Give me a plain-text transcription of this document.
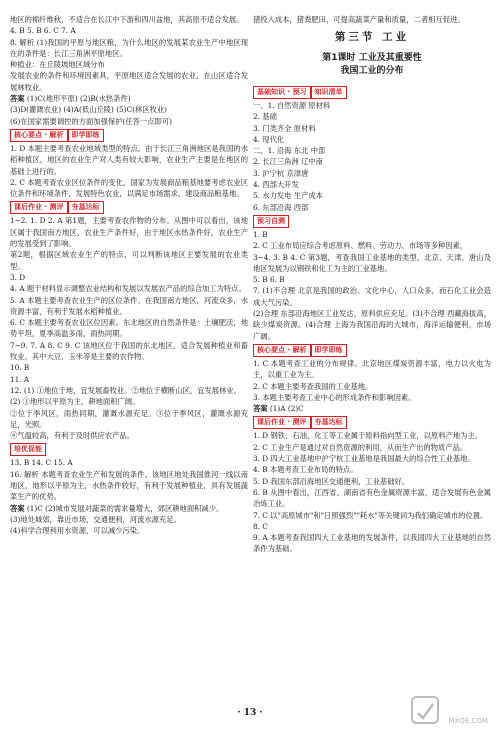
地区的棉纤维秋，不适合在长江中下游和四川盆地，其高原不适合发展。

4. B 5. B 6. C 7. A

8. 解析 (1)我国的平原与地区粮，为什么地区的发展某农业生产中地区现在的条件是：长江三角洲平原地区。

种植业：在丘陵坡地区域分布

发展农业的条件和环境因素具，平原地区适合发展的农业，在山区适合发展林牧业。

答案 (1)C(地形平原) (2)B(水热条件)

(3)D(灌溉农业) (4)A(低山丘陵) (5)C(林区牧业)

(6)在国家需要调控的方面加强保护(任答一点即可)

核心要点 · 解析 即学即练

1. D 本题主要考查农业地域类型的特点。由于长江三角洲地区是我国的水稻种植区，地区的农业生产对人类有较大影响，农业生产主要是在地区的基础上进行的。

2. C 本题考查农业区位条件的变化，国家为发展商品粮基地要考虑农业区位条件和环境条件，发展特色农业，以满足市场需求，建设商品粮基地。

课后作业 · 测评 夯基达标

1~2. 1. D 2. A 第1题，主要考查农作物的分布。从图中可以看出，该地区属于我国南方地区，农业生产条件好，由于地区水热条件好，农业生产的发展受到了影响。

第2题，根据区域农业生产的特点，可以判断该地区主要发展的农业类型。

3. D

4. A 题干材料显示调整农业结构和发展以发展农产品的综合加工为特点。

5. A 本题主要考查农业生产的区位条件。在我国南方地区，河流众多，水资源丰富，有利于发展水稻种植业。

6. C 本题主要考查农业区位因素。东北地区的自然条件是：土壤肥沃，地势平坦，夏季高温多雨，雨热同期。

7~9. 7. A 8. C 9. C 该地区位于我国的东北地区，适合发展种植业和畜牧业，其中大豆、玉米等是主要的农作物。

10. B

11. A

12. (1) ①地位于地，宜发展畜牧业。②地位于横断山区，宜发展林业。

(2) ①地形以平原为主，耕地面积广阔。

②位于季风区，雨热同期，灌溉水源充足。③位于季风区，灌溉水源充足，光照。

④气温较高，有利于及时供应农产品。

培优促能

13. B 14. C 15. A

16. 解析 本题考查农业生产和发展的条件。该地区地处我国淮河一线以南地区，地形以平原为主，水热条件较好，有利于发展种植业，具有发展蔬菜生产的优势。

答案 (1)C (2)城市发展对蔬菜的需求量增大，郊区耕地面积减少。

(3)地处城郊，靠近市场，交通便利，河流水源充足。

(4)科学合理利用水资源，可以减少污染。

猪投入成本，猪粪肥田，可提高蔬菜产量和质量，二者相互促进。

第三节 工业
第1课时 工业及其重要性
我国工业的分布
基础知识 · 预习 知识清单

一、1. 自然资源 原材料

2. 基础

3. 门类齐全 原材料

4. 现代化

二、1. 沿海 东北 中部

2. 长江三角洲 辽中南

3. 沪宁杭 京津唐

4. 西部大开发

5. 水力发电 生产成本

6. 东部沿海 西部

预习自测

1. B

2. C 工业布局应综合考虑原料、燃料、劳动力、市场等多种因素，

3~4. 3. B 4. C 第3题，考查我国工业基地的类型，北京、天津、唐山及地区发展为以钢铁和化工为主的工业基地。

5. B 6. B

7. (1)不合理 北京是我国的政治、文化中心，人口众多，而石化工业会造成大气污染。

(2)合理 东部沿海地区工业发达，原料供应充足。(3)不合理 西藏海拔高，缺少煤炭资源。(4)合理 上海为我国沿海的大城市，海洋运输便利，市场广阔。

核心要点 · 解析 即学即练

1. C 本题考查工业的分布规律。北京地区煤炭资源丰富，电力以火电为主，以重工业为主。

2. C 本题主要考查我国的工业基地。

3. 本题主要考查工业中心的形成条件和影响因素。

答案 (1)A (2)C

课后作业 · 测评 夯基达标

1. D 钢铁、石油、化工等工业属于原料指向型工业，以原料产地为主。

2. C 工业生产是通过对自然资源的利用，从而生产出的物质产品。

3. D 四大工业基地中沪宁杭工业基地是我国最大的综合性工业基地。

4. B 本题考查工业布局的特点。

5. D 我国东部沿海地区交通便利，工业基础好。

6. B 从图中看出，江西省、湖南省有色金属资源丰富，适合发展有色金属冶炼工业。

7. C 以"高原城市"和"日照强烈""耗水"等关键词为我们确定城市的位置。

8. C

9. A 本题考查我国四大工业基地的发展条件，以我国四大工业基地的自然条件为基础。

· 13 ·
MXQE.COM
